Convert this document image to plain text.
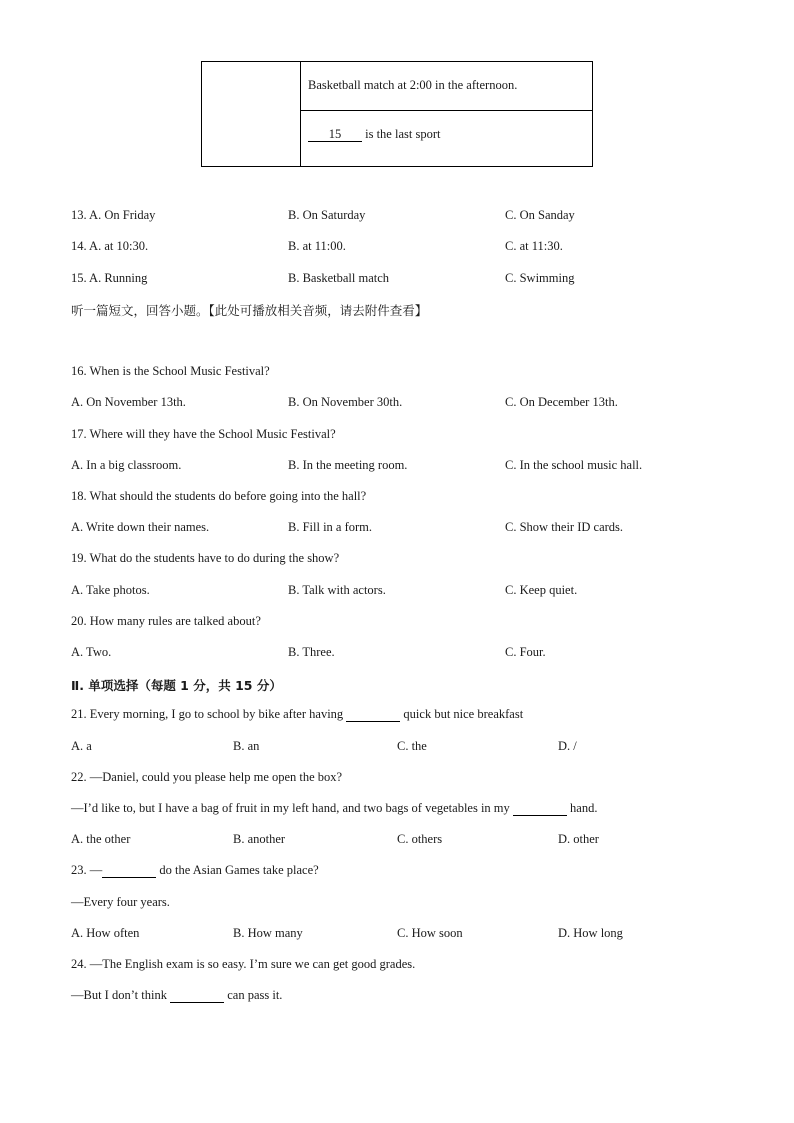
Basketball match at 2:00 in the afternoon.
15 is the last sport
13. A. On Friday	B. On Saturday	C. On Sanday
14. A. at 10:30.	B. at 11:00.	C. at 11:30.
15. A. Running	B. Basketball match	C. Swimming
听一篇短文，回答小题。【此处可播放相关音频，请去附件查看】
16. When is the School Music Festival?
A. On November 13th.	B. On November 30th.	C. On December 13th.
17. Where will they have the School Music Festival?
A. In a big classroom.	B. In the meeting room.	C. In the school music hall.
18. What should the students do before going into the hall?
A. Write down their names.	B. Fill in a form.	C. Show their ID cards.
19. What do the students have to do during the show?
A. Take photos.	B. Talk with actors.	C. Keep quiet.
20. How many rules are talked about?
A. Two.	B. Three.	C. Four.
Ⅱ. 单项选择（每题 1 分，共 15 分）
21. Every morning, I go to school by bike after having	quick but nice breakfast
A. a	B. an	C. the	D. /
22. —Daniel, could you please help me open the box?
—I’d like to, but I have a bag of fruit in my left hand, and two bags of vegetables in my	hand.
A. the other	B. another	C. others	D. other
23. —	do the Asian Games take place?
—Every four years.
A. How often	B. How many	C. How soon	D. How long
24. —The English exam is so easy. I’m sure we can get good grades.
—But I don’t think	can pass it.
